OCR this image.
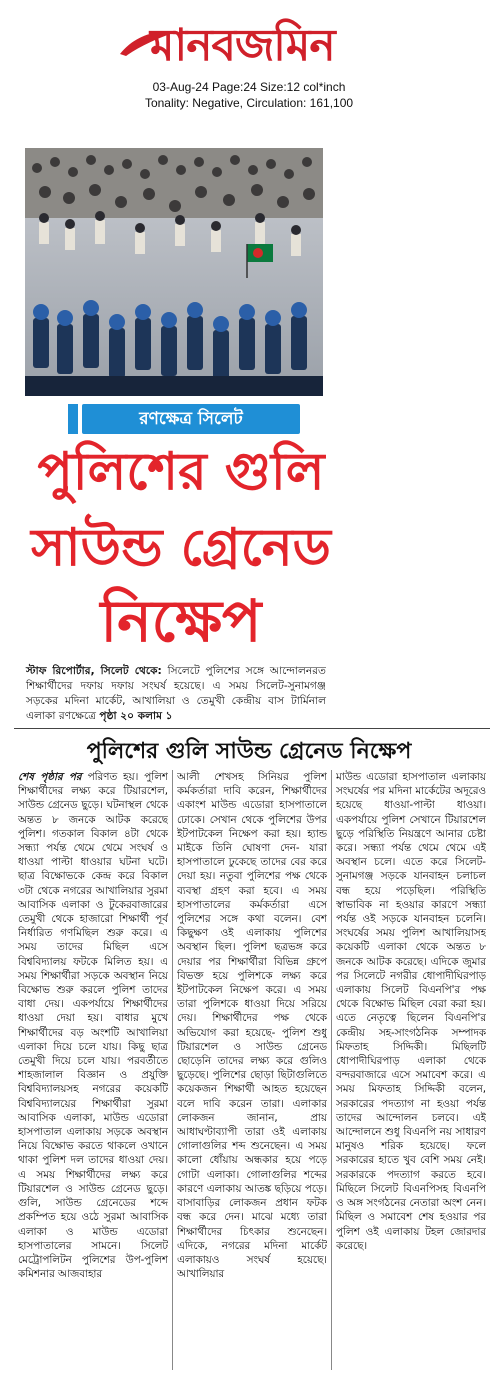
মানবজমিন
03-Aug-24 Page:24 Size:12 col*inch
Tonality: Negative, Circulation: 161,100
রণক্ষেত্র সিলেট
পুলিশের গুলি
সাউন্ড গ্রেনেড
নিক্ষেপ
স্টাফ রিপোর্টার, সিলেট থেকে: সিলেটে পুলিশের সঙ্গে আন্দোলনরত শিক্ষার্থীদের দফায় দফায় সংঘর্ষ হয়েছে। এ সময় সিলেট-সুনামগঞ্জ সড়কের মদিনা মার্কেট, আখালিয়া ও তেমুখী কেন্দ্রীয় বাস টার্মিনাল এলাকা রণক্ষেত্রে পৃষ্ঠা ২০ কলাম ১
পুলিশের গুলি সাউন্ড গ্রেনেড নিক্ষেপ
শেষ পৃষ্ঠার পর পরিণত হয়। পুলিশ শিক্ষার্থীদের লক্ষ্য করে টিয়ারশেল, সাউন্ড গ্রেনেড ছুড়ে। ঘটনাস্থল থেকে অন্তত ৮ জনকে আটক করেছে পুলিশ। গতকাল বিকাল ৪টা থেকে সন্ধ্যা পর্যন্ত থেমে থেমে সংঘর্ষ ও ধাওয়া পাল্টা ধাওয়ার ঘটনা ঘটে। ছাত্র বিক্ষোভকে কেন্দ্র করে বিকাল ৩টা থেকে নগরের আখালিয়ার সুরমা আবাসিক এলাকা ও টুকেরবাজারের তেমুখী থেকে হাজারো শিক্ষার্থী পূর্ব নির্ধারিত গণমিছিল শুরু করে। এ সময় তাদের মিছিল এসে বিশ্ববিদ্যালয় ফটকে মিলিত হয়। এ সময় শিক্ষার্থীরা সড়কে অবস্থান নিয়ে বিক্ষোভ শুরু করলে পুলিশ তাদের বাধা দেয়। একপর্যায়ে শিক্ষার্থীদের ধাওয়া দেয়া হয়। বাধার মুখে শিক্ষার্থীদের বড় অংশটি আখালিয়া এলাকা দিয়ে চলে যায়। কিছু ছাত্র তেমুখী দিয়ে চলে যায়। পরবর্তীতে শাহজালাল বিজ্ঞান ও প্রযুক্তি বিশ্ববিদ্যালয়সহ নগরের কয়েকটি বিশ্ববিদ্যালয়ের শিক্ষার্থীরা সুরমা আবাসিক এলাকা, মাউন্ড এডোরা হাসপাতাল এলাকায় সড়কে অবস্থান নিয়ে বিক্ষোভ করতে থাকলে ওখানে থাকা পুলিশ দল তাদের ধাওয়া দেয়। এ সময় শিক্ষার্থীদের লক্ষ্য করে টিয়ারশেল ও সাউন্ড গ্রেনেড ছুড়ে। গুলি, সাউন্ড গ্রেনেডের শব্দে প্রকম্পিত হয়ে ওঠে সুরমা আবাসিক এলাকা ও মাউন্ড এডোরা হাসপাতালের সামনে। সিলেট মেট্রোপলিটন পুলিশের উপ-পুলিশ কমিশনার আজবাহার
আলী শেখসহ সিনিয়র পুলিশ কর্মকর্তারা দাবি করেন, শিক্ষার্থীদের একাংশ মাউন্ড এডোরা হাসপাতালে ঢোকে। সেখান থেকে পুলিশের উপর ইটপাটকেল নিক্ষেপ করা হয়। হ্যান্ড মাইকে তিনি ঘোষণা দেন- যারা হাসপাতালে ঢুকেছে তাদের বের করে দেয়া হয়। নতুবা পুলিশের পক্ষ থেকে ব্যবস্থা গ্রহণ করা হবে। এ সময় হাসপাতালের কর্মকর্তারা এসে পুলিশের সঙ্গে কথা বলেন। বেশ কিছুক্ষণ ওই এলাকায় পুলিশের অবস্থান ছিল। পুলিশ ছত্রভঙ্গ করে দেয়ার পর শিক্ষার্থীরা বিভিন্ন গ্রুপে বিভক্ত হয়ে পুলিশকে লক্ষ্য করে ইটপাটকেল নিক্ষেপ করে। এ সময় তারা পুলিশকে ধাওয়া দিয়ে সরিয়ে দেয়। শিক্ষার্থীদের পক্ষ থেকে অভিযোগ করা হয়েছে- পুলিশ শুধু টিয়ারশেল ও সাউন্ড গ্রেনেড ছোড়েনি তাদের লক্ষ্য করে গুলিও ছুড়েছে। পুলিশের ছোড়া ছিটাগুলিতে কয়েকজন শিক্ষার্থী আহত হয়েছেন বলে দাবি করেন তারা। এলাকার লোকজন জানান, প্রায় আধাঘণ্টাব্যাপী তারা ওই এলাকায় গোলাগুলির শব্দ শুনেছেন। এ সময় কালো ধোঁয়ায় অন্ধকার হয়ে পড়ে গোটা এলাকা। গোলাগুলির শব্দের কারণে এলাকায় আতঙ্ক ছড়িয়ে পড়ে। বাসাবাড়ির লোকজন প্রধান ফটক বন্ধ করে দেন। মাঝে মধ্যে তারা শিক্ষার্থীদের চিৎকার শুনেছেন। এদিকে, নগরের মদিনা মার্কেট এলাকায়ও সংঘর্ষ হয়েছে। আখালিয়ার
মাউন্ড এডোরা হাসপাতাল এলাকায় সংঘর্ষের পর মদিনা মার্কেটের অদূরেও হয়েছে ধাওয়া-পাল্টা ধাওয়া। একপর্যায়ে পুলিশ সেখানে টিয়ারশেল ছুড়ে পরিস্থিতি নিয়ন্ত্রণে আনার চেষ্টা করে। সন্ধ্যা পর্যন্ত থেমে থেমে এই অবস্থান চলে। এতে করে সিলেট-সুনামগঞ্জ সড়কে যানবাহন চলাচল বন্ধ হয়ে পড়েছিল। পরিস্থিতি স্বাভাবিক না হওয়ার কারণে সন্ধ্যা পর্যন্ত ওই সড়কে যানবাহন চলেনি। সংঘর্ষের সময় পুলিশ আখালিয়াসহ কয়েকটি এলাকা থেকে অন্তত ৮ জনকে আটক করেছে। এদিকে জুমার পর সিলেটে নগরীর ধোপাদীঘিরপাড় এলাকায় সিলেট বিএনপি'র পক্ষ থেকে বিক্ষোভ মিছিল বেরা করা হয়। এতে নেতৃত্বে ছিলেন বিএনপি'র কেন্দ্রীয় সহ-সাংগঠনিক সম্পাদক মিফতাহ সিদ্দিকী। মিছিলটি ধোপাদীঘিরপাড় এলাকা থেকে বন্দরবাজারে এসে সমাবেশ করে। এ সময় মিফতাহ সিদ্দিকী বলেন, সরকারের পদত্যাগ না হওয়া পর্যন্ত তাদের আন্দোলন চলবে। এই আন্দোলনে শুধু বিএনপি নয় সাধারণ মানুষও শরিক হয়েছে। ফলে সরকারের হাতে খুব বেশি সময় নেই। সরকারকে পদত্যাগ করতে হবে। মিছিলে সিলেট বিএনপিসহ বিএনপি ও অঙ্গ সংগঠনের নেতারা অংশ নেন। মিছিল ও সমাবেশ শেষ হওয়ার পর পুলিশ ওই এলাকায় টহল জোরদার করেছে।
